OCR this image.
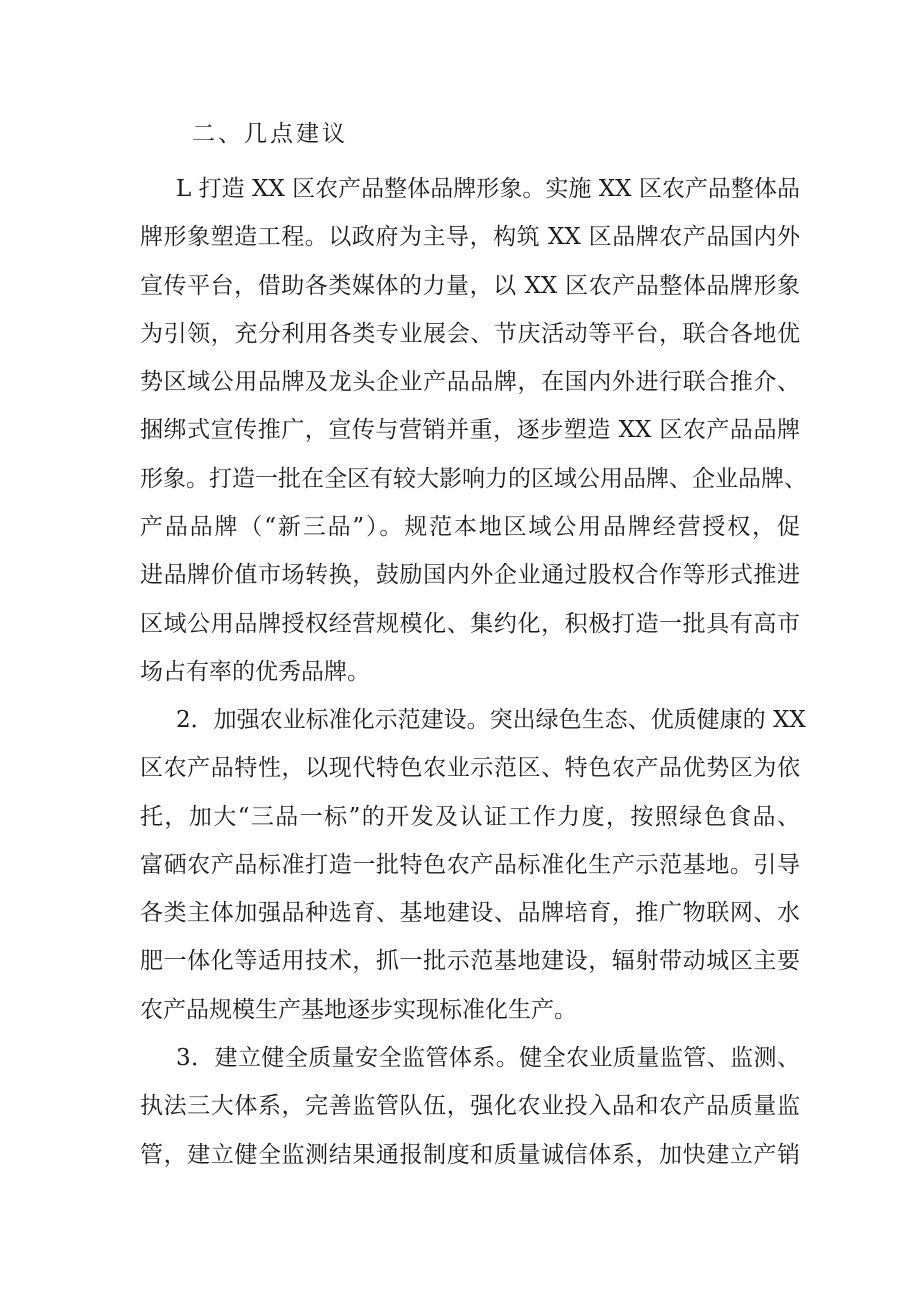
二、几点建议
L 打造 XX 区农产品整体品牌形象。实施 XX 区农产品整体品
牌形象塑造工程。以政府为主导，构筑 XX 区品牌农产品国内外
宣传平台，借助各类媒体的力量，以 XX 区农产品整体品牌形象
为引领，充分利用各类专业展会、节庆活动等平台，联合各地优
势区域公用品牌及龙头企业产品品牌，在国内外进行联合推介、
捆绑式宣传推广，宣传与营销并重，逐步塑造 XX 区农产品品牌
形象。打造一批在全区有较大影响力的区域公用品牌、企业品牌、
产品品牌（“新三品”）。规范本地区域公用品牌经营授权，促
进品牌价值市场转换，鼓励国内外企业通过股权合作等形式推进
区域公用品牌授权经营规模化、集约化，积极打造一批具有高市
场占有率的优秀品牌。
2．加强农业标准化示范建设。突出绿色生态、优质健康的 XX
区农产品特性，以现代特色农业示范区、特色农产品优势区为依
托，加大“三品一标”的开发及认证工作力度，按照绿色食品、
富硒农产品标准打造一批特色农产品标准化生产示范基地。引导
各类主体加强品种选育、基地建设、品牌培育，推广物联网、水
肥一体化等适用技术，抓一批示范基地建设，辐射带动城区主要
农产品规模生产基地逐步实现标准化生产。
3．建立健全质量安全监管体系。健全农业质量监管、监测、
执法三大体系，完善监管队伍，强化农业投入品和农产品质量监
管，建立健全监测结果通报制度和质量诚信体系，加快建立产销
